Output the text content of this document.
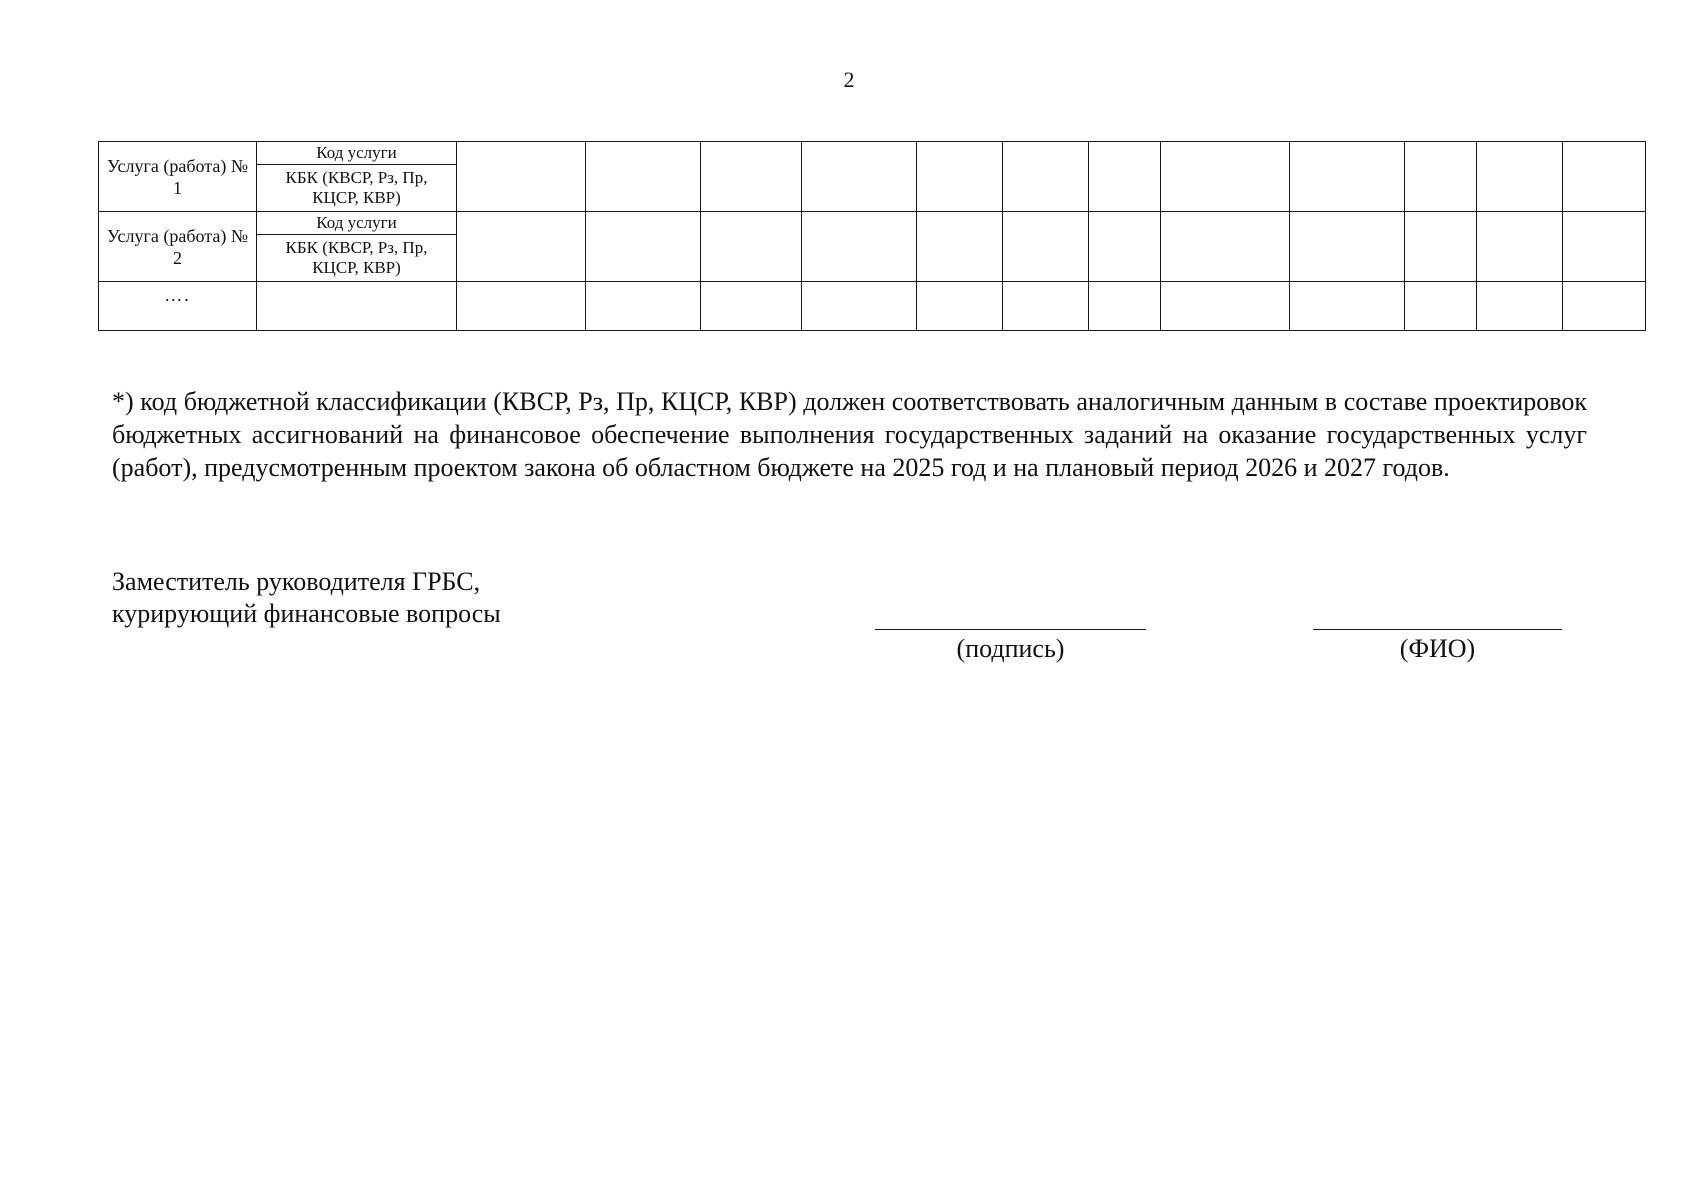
2
Услуга (работа) № 1	Код услуги												
	КБК (КВСР, Рз, Пр, КЦСР, КВР)												
Услуга (работа) № 2	Код услуги												
	КБК (КВСР, Рз, Пр, КЦСР, КВР)												
….													
*) код бюджетной классификации (КВСР, Рз, Пр, КЦСР, КВР) должен соответствовать аналогичным данным в составе проектировок бюджетных ассигнований на финансовое обеспечение выполнения государственных заданий на оказание государственных услуг (работ), предусмотренным проектом закона об областном бюджете на 2025 год и на плановый период 2026 и 2027 годов.
Заместитель руководителя ГРБС,
курирующий финансовые вопросы
(подпись)	(ФИО)
